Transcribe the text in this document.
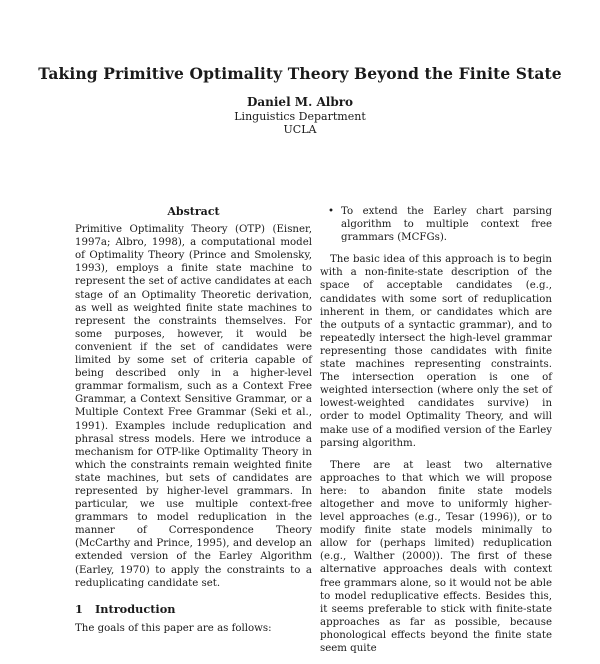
Taking Primitive Optimality Theory Beyond the Finite State
Daniel M. Albro
Linguistics Department
UCLA
Abstract

Primitive Optimality Theory (OTP) (Eisner, 1997a; Albro, 1998), a computational model of Optimality Theory (Prince and Smolensky, 1993), employs a finite state machine to represent the set of active candidates at each stage of an Optimality Theoretic derivation, as well as weighted finite state machines to represent the constraints themselves. For some purposes, however, it would be convenient if the set of candidates were limited by some set of criteria capable of being described only in a higher-level grammar formalism, such as a Context Free Grammar, a Context Sensitive Grammar, or a Multiple Context Free Grammar (Seki et al., 1991). Examples include reduplication and phrasal stress models. Here we introduce a mechanism for OTP-like Optimality Theory in which the constraints remain weighted finite state machines, but sets of candidates are represented by higher-level grammars. In particular, we use multiple context-free grammars to model reduplication in the manner of Correspondence Theory (McCarthy and Prince, 1995), and develop an extended version of the Earley Algorithm (Earley, 1970) to apply the constraints to a reduplicating candidate set.

1 Introduction

The goals of this paper are as follows:

• To extend the Earley chart parsing algorithm to multiple context free grammars (MCFGs).

The basic idea of this approach is to begin with a non-finite-state description of the space of acceptable candidates (e.g., candidates with some sort of reduplication inherent in them, or candidates which are the outputs of a syntactic grammar), and to repeatedly intersect the high-level grammar representing those candidates with finite state machines representing constraints. The intersection operation is one of weighted intersection (where only the set of lowest-weighted candidates survive) in order to model Optimality Theory, and will make use of a modified version of the Earley parsing algorithm.

There are at least two alternative approaches to that which we will propose here: to abandon finite state models altogether and move to uniformly higher-level approaches (e.g., Tesar (1996)), or to modify finite state models minimally to allow for (perhaps limited) reduplication (e.g., Walther (2000)). The first of these alternative approaches deals with context free grammars alone, so it would not be able to model reduplicative effects. Besides this, it seems preferable to stick with finite-state approaches as far as possible, because phonological effects beyond the finite state seem quite
